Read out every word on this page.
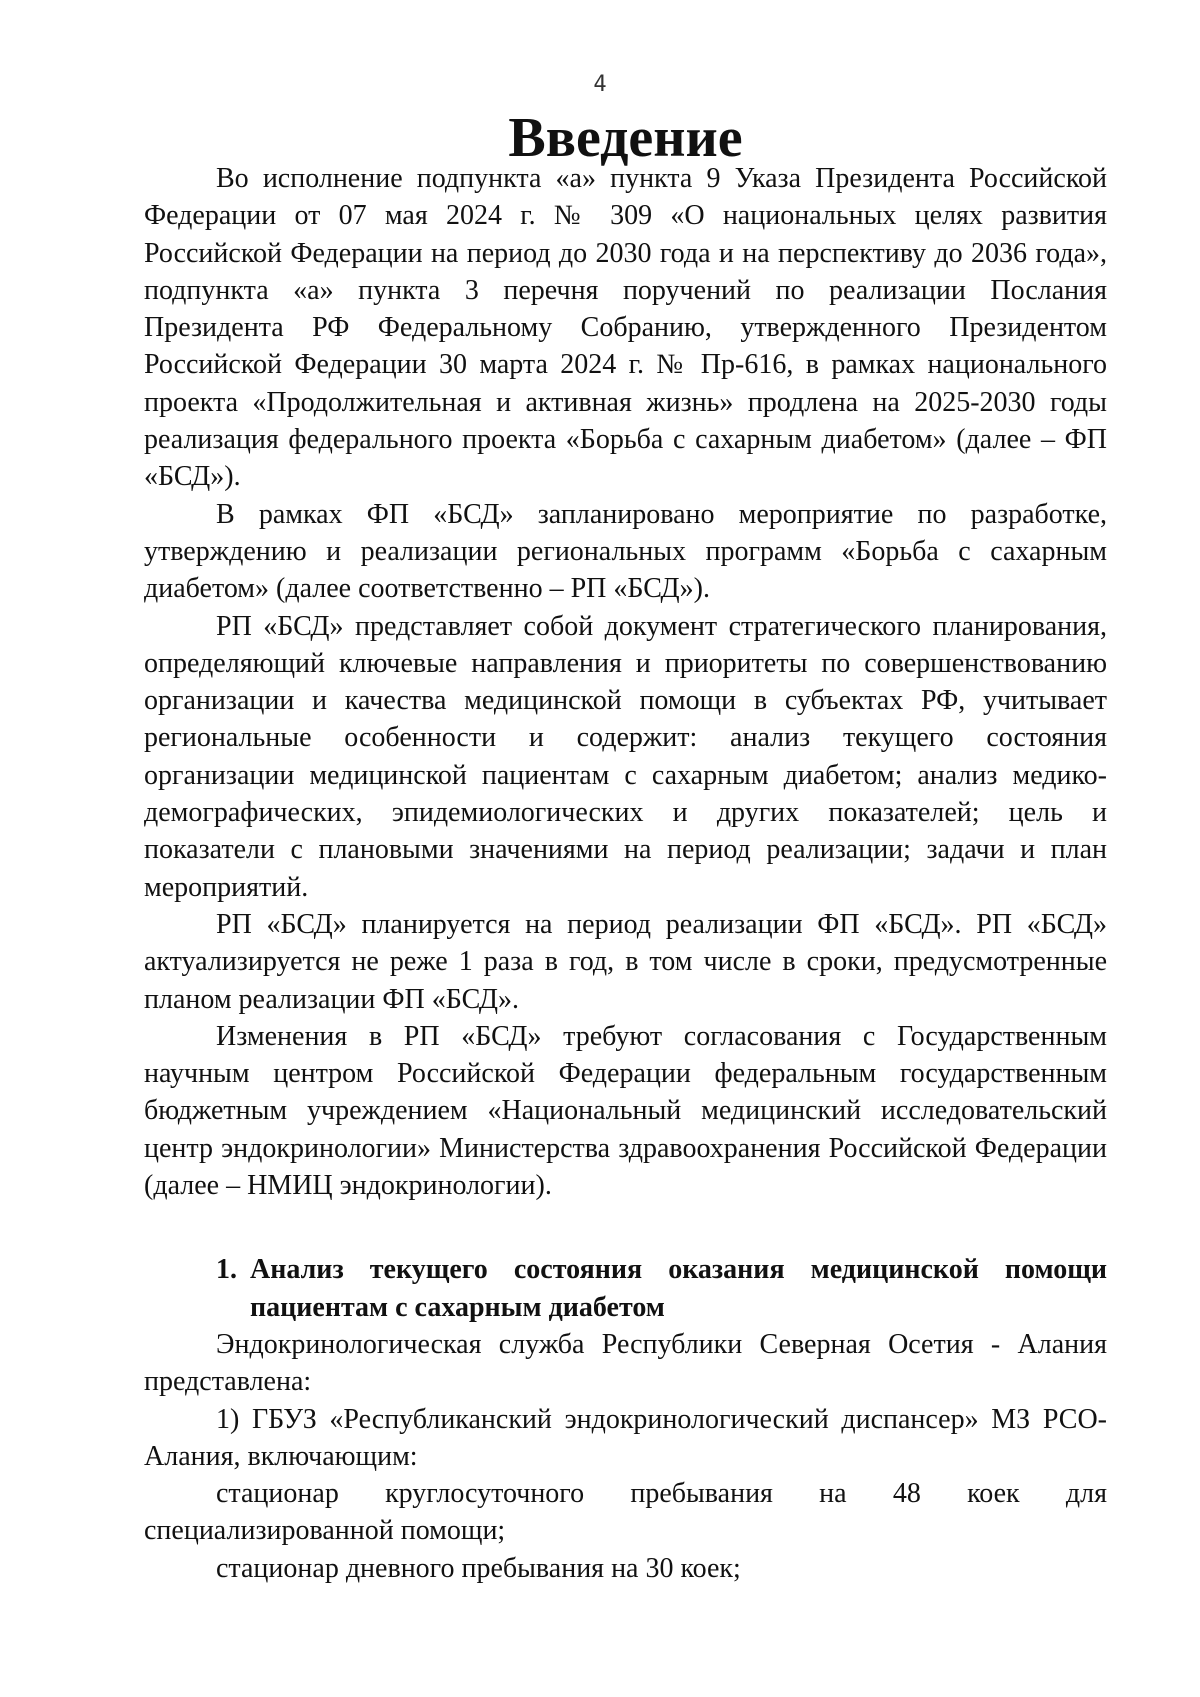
4
Введение

Во исполнение подпункта «а» пункта 9 Указа Президента Российской Федерации от 07 мая 2024 г. № 309 «О национальных целях развития Российской Федерации на период до 2030 года и на перспективу до 2036 года», подпункта «а» пункта 3 перечня поручений по реализации Послания Президента РФ Федеральному Собранию, утвержденного Президентом Российской Федерации 30 марта 2024 г. № Пр-616, в рамках национального проекта «Продолжительная и активная жизнь» продлена на 2025-2030 годы реализация федерального проекта «Борьба с сахарным диабетом» (далее – ФП «БСД»).

В рамках ФП «БСД» запланировано мероприятие по разработке, утверждению и реализации региональных программ «Борьба с сахарным диабетом» (далее соответственно – РП «БСД»).

РП «БСД» представляет собой документ стратегического планирования, определяющий ключевые направления и приоритеты по совершенствованию организации и качества медицинской помощи в субъектах РФ, учитывает региональные особенности и содержит: анализ текущего состояния организации медицинской пациентам с сахарным диабетом; анализ медико-демографических, эпидемиологических и других показателей; цель и показатели с плановыми значениями на период реализации; задачи и план мероприятий.

РП «БСД» планируется на период реализации ФП «БСД». РП «БСД» актуализируется не реже 1 раза в год, в том числе в сроки, предусмотренные планом реализации ФП «БСД».

Изменения в РП «БСД» требуют согласования с Государственным научным центром Российской Федерации федеральным государственным бюджетным учреждением «Национальный медицинский исследовательский центр эндокринологии» Министерства здравоохранения Российской Федерации (далее – НМИЦ эндокринологии).

1. Анализ текущего состояния оказания медицинской помощи пациентам с сахарным диабетом

Эндокринологическая служба Республики Северная Осетия - Алания представлена:

1) ГБУЗ «Республиканский эндокринологический диспансер» МЗ РСО-Алания, включающим:

стационар круглосуточного пребывания на 48 коек для специализированной помощи;

стационар дневного пребывания на 30 коек;
